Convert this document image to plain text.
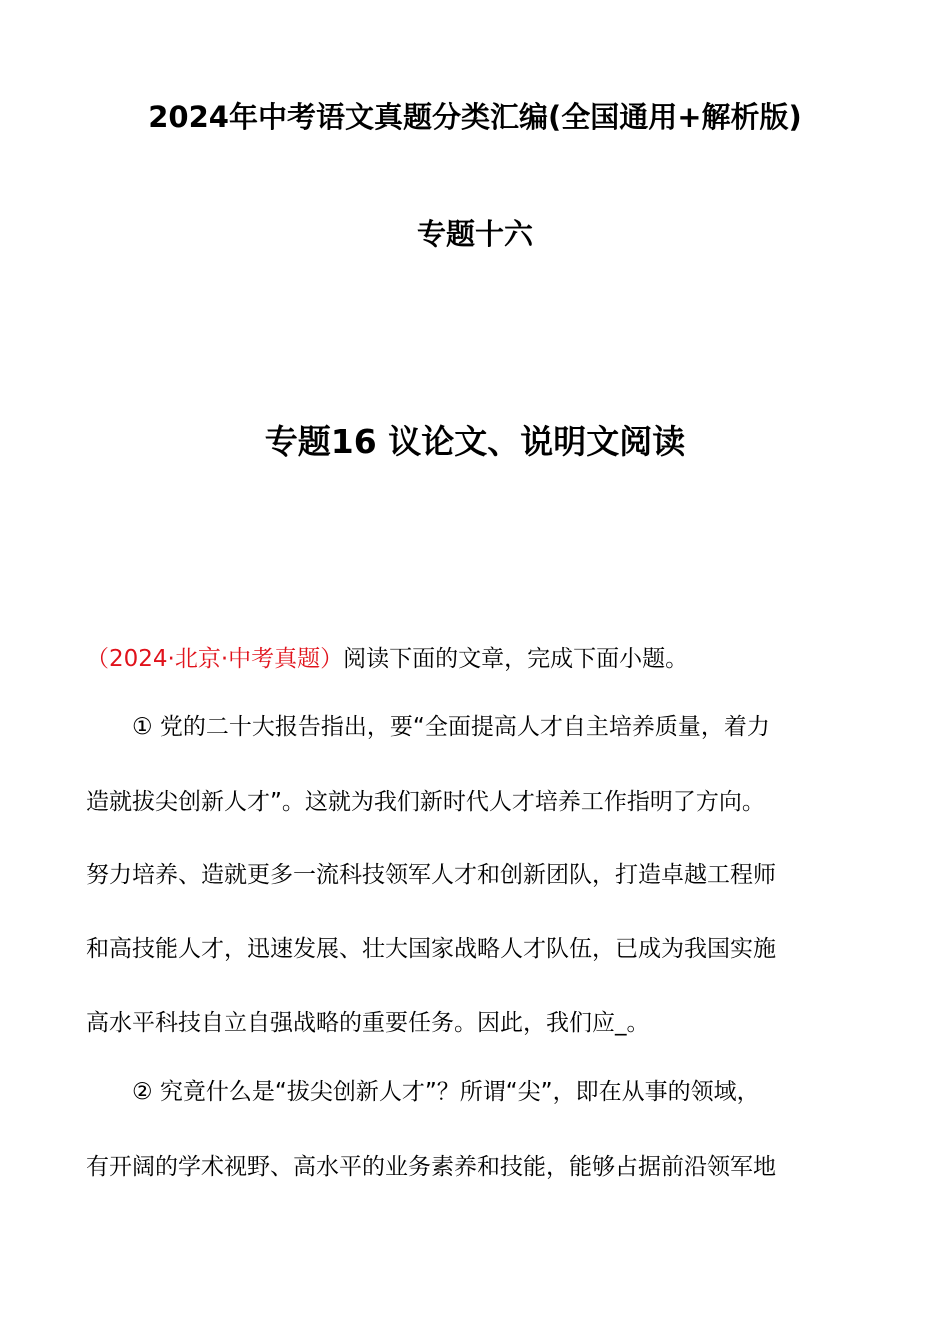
2024年中考语文真题分类汇编(全国通用+解析版)
专题十六
专题16 议论文、说明文阅读
（2024·北京·中考真题）阅读下面的文章，完成下面小题。
① 党的二十大报告指出，要“全面提高人才自主培养质量，着力
造就拔尖创新人才”。这就为我们新时代人才培养工作指明了方向。
努力培养、造就更多一流科技领军人才和创新团队，打造卓越工程师
和高技能人才，迅速发展、壮大国家战略人才队伍，已成为我国实施
高水平科技自立自强战略的重要任务。因此，我们应_。
② 究竟什么是“拔尖创新人才”？所谓“尖”，即在从事的领域，
有开阔的学术视野、高水平的业务素养和技能，能够占据前沿领军地
